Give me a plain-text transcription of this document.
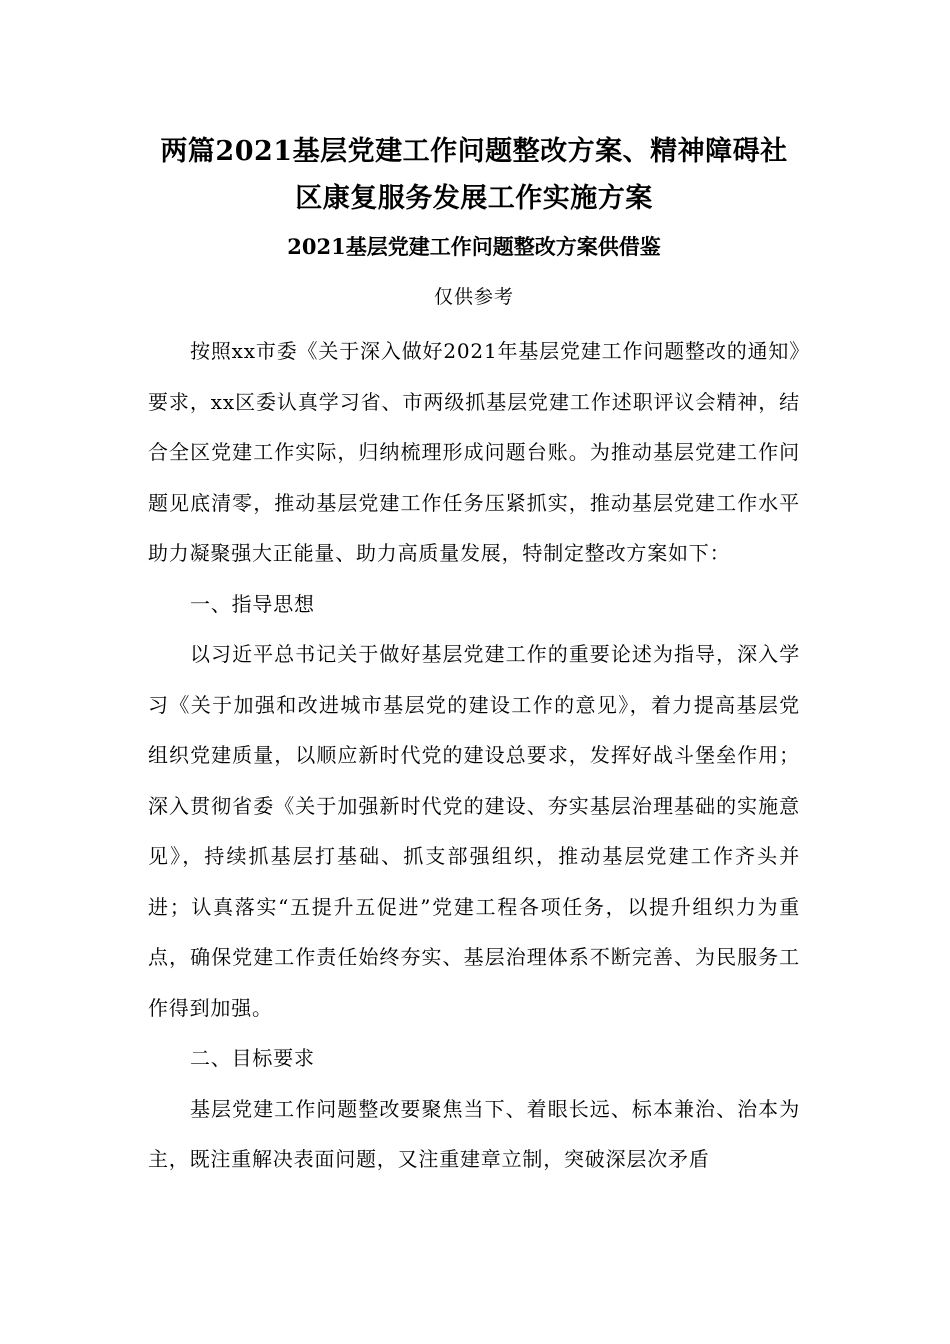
两篇2021基层党建工作问题整改方案、精神障碍社区康复服务发展工作实施方案
2021基层党建工作问题整改方案供借鉴

仅供参考

按照xx市委《关于深入做好2021年基层党建工作问题整改的通知》要求，xx区委认真学习省、市两级抓基层党建工作述职评议会精神，结合全区党建工作实际，归纳梳理形成问题台账。为推动基层党建工作问题见底清零，推动基层党建工作任务压紧抓实，推动基层党建工作水平助力凝聚强大正能量、助力高质量发展，特制定整改方案如下：

一、指导思想

以习近平总书记关于做好基层党建工作的重要论述为指导，深入学习《关于加强和改进城市基层党的建设工作的意见》，着力提高基层党组织党建质量，以顺应新时代党的建设总要求，发挥好战斗堡垒作用；深入贯彻省委《关于加强新时代党的建设、夯实基层治理基础的实施意见》，持续抓基层打基础、抓支部强组织，推动基层党建工作齐头并进；认真落实“五提升五促进”党建工程各项任务，以提升组织力为重点，确保党建工作责任始终夯实、基层治理体系不断完善、为民服务工作得到加强。

二、目标要求

基层党建工作问题整改要聚焦当下、着眼长远、标本兼治、治本为主，既注重解决表面问题，又注重建章立制，突破深层次矛盾
